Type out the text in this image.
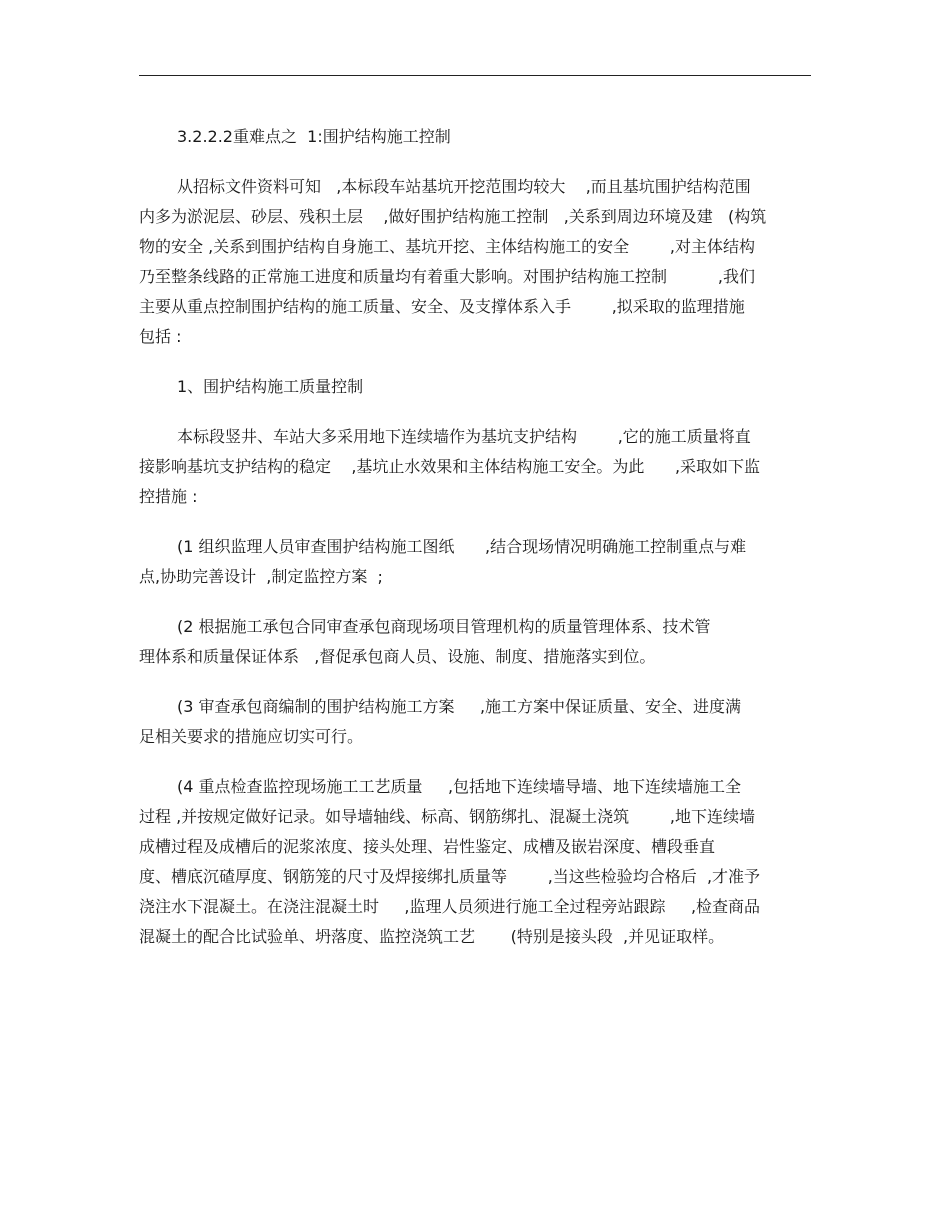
3.2.2.2重难点之  1:围护结构施工控制
从招标文件资料可知   ,本标段车站基坑开挖范围均较大    ,而且基坑围护结构范围
内多为淤泥层、砂层、残积土层    ,做好围护结构施工控制   ,关系到周边环境及建   (构筑
物的安全 ,关系到围护结构自身施工、基坑开挖、主体结构施工的安全        ,对主体结构
乃至整条线路的正常施工进度和质量均有着重大影响。对围护结构施工控制          ,我们
主要从重点控制围护结构的施工质量、安全、及支撑体系入手        ,拟采取的监理措施
包括 :
1、围护结构施工质量控制
本标段竖井、车站大多采用地下连续墙作为基坑支护结构        ,它的施工质量将直
接影响基坑支护结构的稳定    ,基坑止水效果和主体结构施工安全。为此      ,采取如下监
控措施 :
(1 组织监理人员审查围护结构施工图纸      ,结合现场情况明确施工控制重点与难
点,协助完善设计  ,制定监控方案  ;
(2 根据施工承包合同审查承包商现场项目管理机构的质量管理体系、技术管
理体系和质量保证体系   ,督促承包商人员、设施、制度、措施落实到位。
(3 审查承包商编制的围护结构施工方案     ,施工方案中保证质量、安全、进度满
足相关要求的措施应切实可行。
(4 重点检查监控现场施工工艺质量     ,包括地下连续墙导墙、地下连续墙施工全
过程 ,并按规定做好记录。如导墙轴线、标高、钢筋绑扎、混凝土浇筑        ,地下连续墙
成槽过程及成槽后的泥浆浓度、接头处理、岩性鉴定、成槽及嵌岩深度、槽段垂直
度、槽底沉碴厚度、钢筋笼的尺寸及焊接绑扎质量等        ,当这些检验均合格后  ,才准予
浇注水下混凝土。在浇注混凝土时     ,监理人员须进行施工全过程旁站跟踪     ,检查商品
混凝土的配合比试验单、坍落度、监控浇筑工艺       (特别是接头段  ,并见证取样。
